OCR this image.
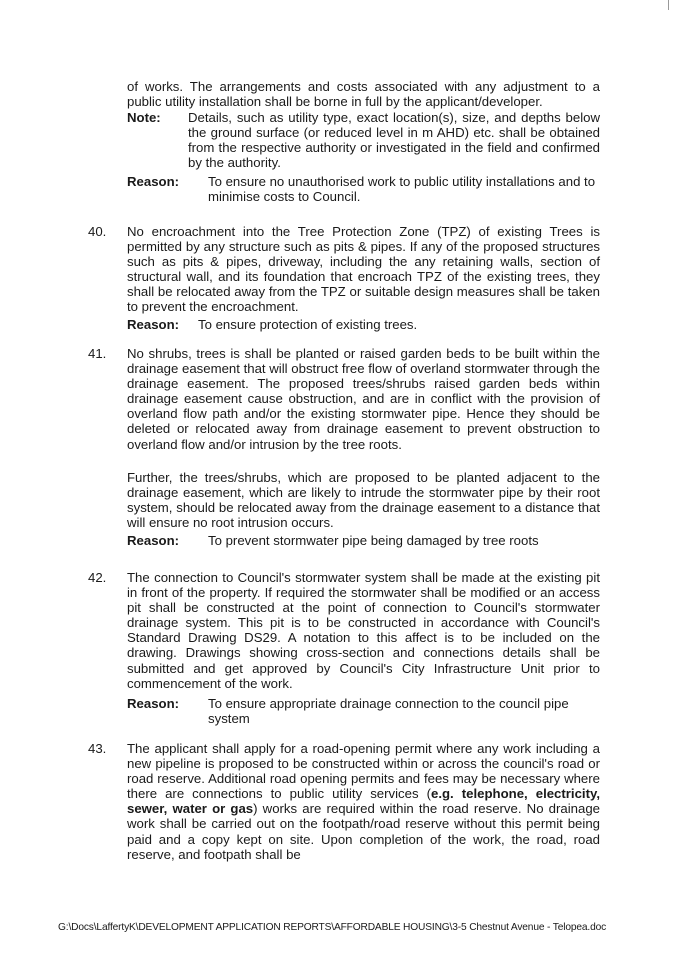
of works. The arrangements and costs associated with any adjustment to a public utility installation shall be borne in full by the applicant/developer.

Note: Details, such as utility type, exact location(s), size, and depths below the ground surface (or reduced level in m AHD) etc. shall be obtained from the respective authority or investigated in the field and confirmed by the authority.

Reason: To ensure no unauthorised work to public utility installations and to minimise costs to Council.

40. No encroachment into the Tree Protection Zone (TPZ) of existing Trees is permitted by any structure such as pits & pipes. If any of the proposed structures such as pits & pipes, driveway, including the any retaining walls, section of structural wall, and its foundation that encroach TPZ of the existing trees, they shall be relocated away from the TPZ or suitable design measures shall be taken to prevent the encroachment.

Reason: To ensure protection of existing trees.

41. No shrubs, trees is shall be planted or raised garden beds to be built within the drainage easement that will obstruct free flow of overland stormwater through the drainage easement. The proposed trees/shrubs raised garden beds within drainage easement cause obstruction, and are in conflict with the provision of overland flow path and/or the existing stormwater pipe. Hence they should be deleted or relocated away from drainage easement to prevent obstruction to overland flow and/or intrusion by the tree roots.

Further, the trees/shrubs, which are proposed to be planted adjacent to the drainage easement, which are likely to intrude the stormwater pipe by their root system, should be relocated away from the drainage easement to a distance that will ensure no root intrusion occurs.

Reason: To prevent stormwater pipe being damaged by tree roots

42. The connection to Council's stormwater system shall be made at the existing pit in front of the property. If required the stormwater shall be modified or an access pit shall be constructed at the point of connection to Council's stormwater drainage system. This pit is to be constructed in accordance with Council's Standard Drawing DS29. A notation to this affect is to be included on the drawing. Drawings showing cross-section and connections details shall be submitted and get approved by Council's City Infrastructure Unit prior to commencement of the work.

Reason: To ensure appropriate drainage connection to the council pipe system

43. The applicant shall apply for a road-opening permit where any work including a new pipeline is proposed to be constructed within or across the council's road or road reserve. Additional road opening permits and fees may be necessary where there are connections to public utility services (e.g. telephone, electricity, sewer, water or gas) works are required within the road reserve. No drainage work shall be carried out on the footpath/road reserve without this permit being paid and a copy kept on site. Upon completion of the work, the road, road reserve, and footpath shall be

G:\Docs\LaffertyK\DEVELOPMENT APPLICATION REPORTS\AFFORDABLE HOUSING\3-5 Chestnut Avenue - Telopea.doc
